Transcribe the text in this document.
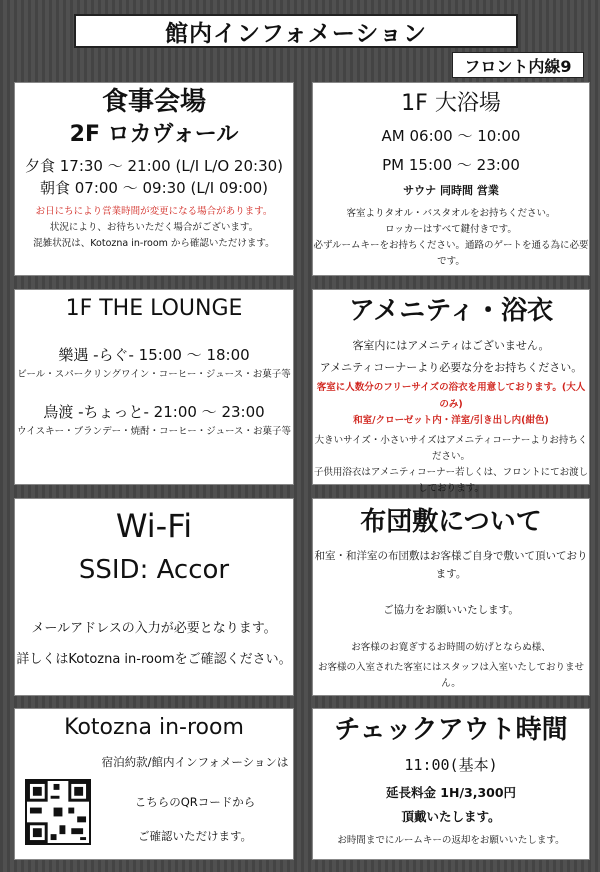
館内インフォメーション
フロント内線9
食事会場
2F ロカヴォール
夕食 17:30 ～ 21:00 (L/I L/O 20:30)
朝食 07:00 ～ 09:30 (L/I 09:00)
お日にちにより営業時間が変更になる場合があります。
状況により、お待ちいただく場合がございます。
混雑状況は、Kotozna in-room から確認いただけます。
1F 大浴場
AM 06:00 ～ 10:00
PM 15:00 ～ 23:00
サウナ 同時間 営業
客室よりタオル・バスタオルをお持ちください。
ロッカーはすべて鍵付きです。
必ずルームキーをお持ちください。通路のゲートを通る為に必要です。
1F THE LOUNGE
樂遇 -らぐ- 15:00 ～ 18:00
ビール・スパークリングワイン・コーヒー・ジュース・お菓子等
鳥渡 -ちょっと- 21:00 ～ 23:00
ウイスキー・ブランデー・焼酎・コーヒー・ジュース・お菓子等
アメニティ・浴衣
客室内にはアメニティはございません。
アメニティコーナーより必要な分をお持ちください。
客室に人数分のフリーサイズの浴衣を用意しております。(大人のみ)
和室/クローゼット内・洋室/引き出し内(紺色)
大きいサイズ・小さいサイズはアメニティコーナーよりお持ちください。
子供用浴衣はアメニティコーナー若しくは、フロントにてお渡ししております。
Wi-Fi
SSID: Accor
メールアドレスの入力が必要となります。
詳しくはKotozna in-roomをご確認ください。
布団敷について
和室・和洋室の布団敷はお客様ご自身で敷いて頂いております。
ご協力をお願いいたします。
お客様のお寛ぎするお時間の妨げとならぬ様、
お客様の入室された客室にはスタッフは入室いたしておりません。
Kotozna in-room
宿泊約款/館内インフォメーションは
こちらのQRコードから
ご確認いただけます。
チェックアウト時間
11:00(基本)
延長料金 1H/3,300円
頂戴いたします。
お時間までにルームキーの返却をお願いいたします。
